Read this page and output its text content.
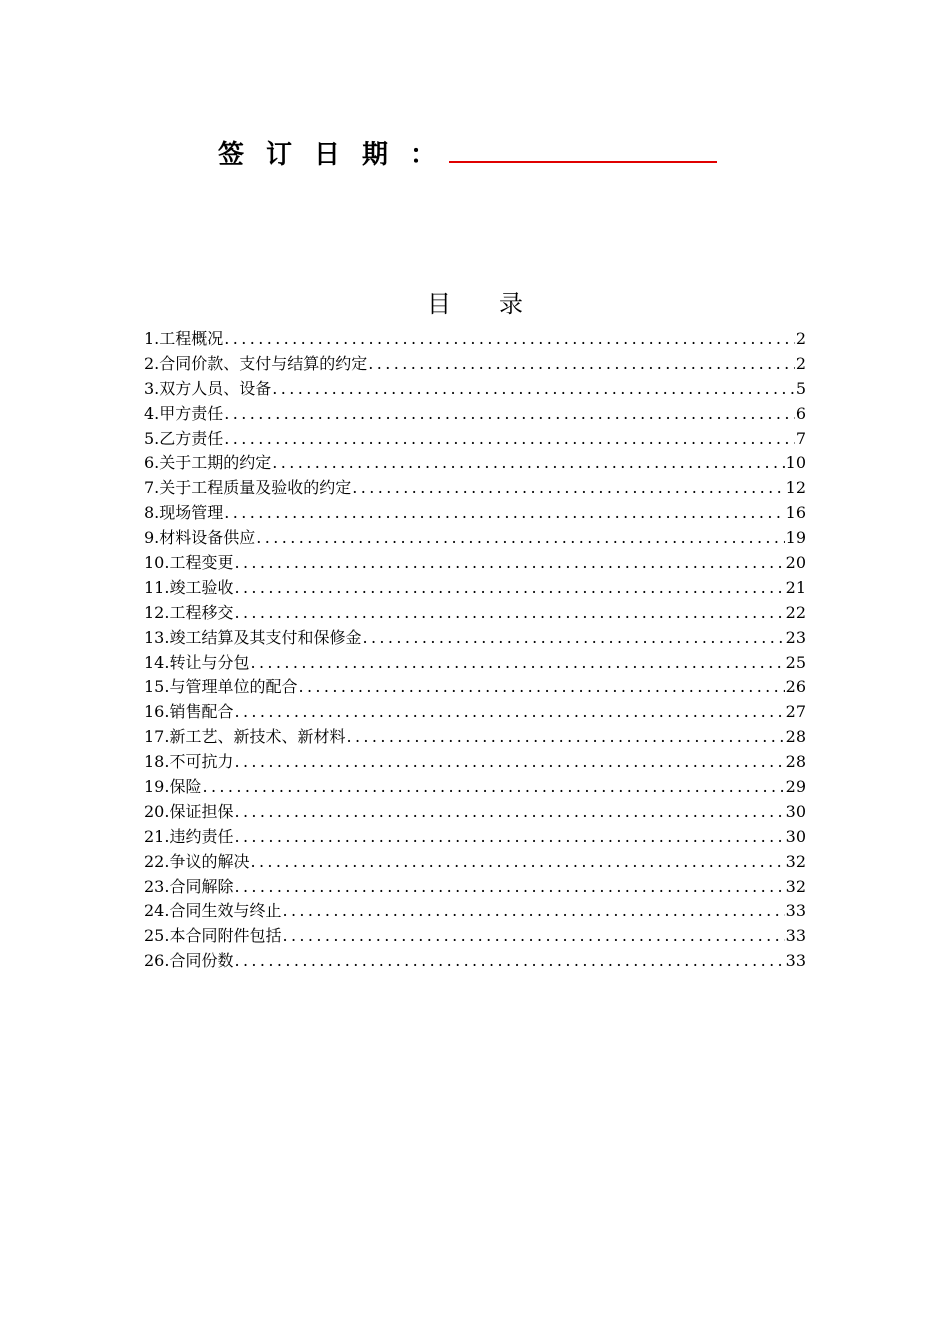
签订日期：
目录
1.工程概况 .....	2
2.合同价款、支付与结算的约定 .....	2
3.双方人员、设备 .....	5
4.甲方责任 .....	6
5.乙方责任 .....	7
6.关于工期的约定 .....	10
7.关于工程质量及验收的约定 .....	12
8.现场管理 .....	16
9.材料设备供应 .....	19
10.工程变更 .....	20
11.竣工验收 .....	21
12.工程移交 .....	22
13.竣工结算及其支付和保修金 .....	23
14.转让与分包 .....	25
15.与管理单位的配合 .....	26
16.销售配合 .....	27
17.新工艺、新技术、新材料 .....	28
18.不可抗力 .....	28
19.保险 .....	29
20.保证担保 .....	30
21.违约责任 .....	30
22.争议的解决 .....	32
23.合同解除 .....	32
24.合同生效与终止 .....	33
25.本合同附件包括 .....	33
26.合同份数 .....	33
